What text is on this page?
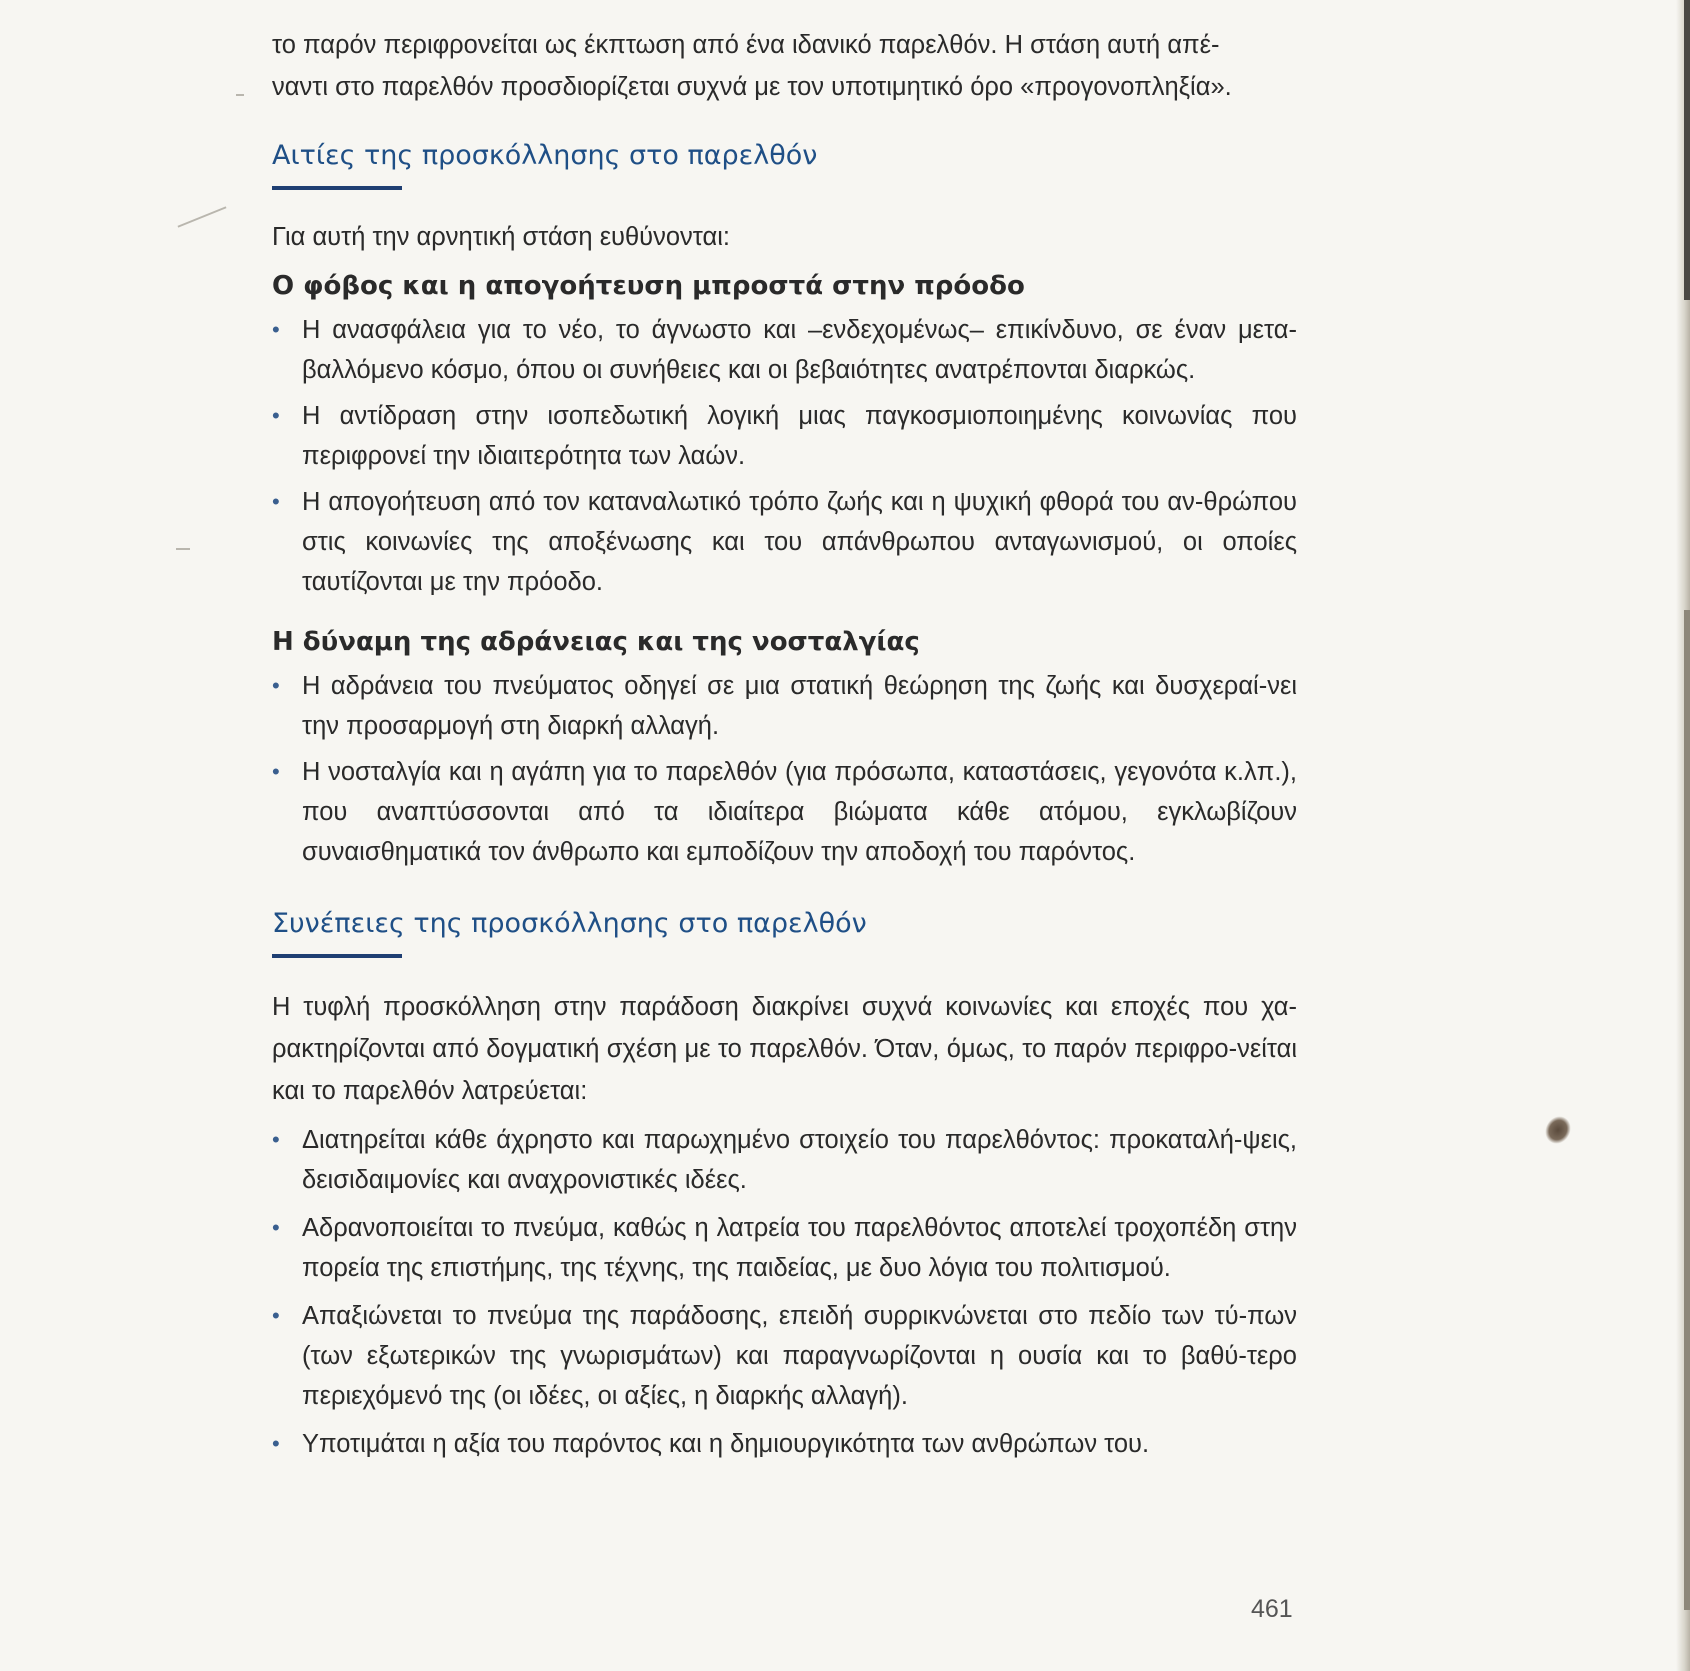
το παρόν περιφρονείται ως έκπτωση από ένα ιδανικό παρελθόν. Η στάση αυτή απέ-

ναντι στο παρελθόν προσδιορίζεται συχνά με τον υποτιμητικό όρο «προγονοπληξία».

Αιτίες της προσκόλλησης στο παρελθόν

Για αυτή την αρνητική στάση ευθύνονται:

Ο φόβος και η απογοήτευση μπροστά στην πρόοδο
• Η ανασφάλεια για το νέο, το άγνωστο και –ενδεχομένως– επικίνδυνο, σε έναν μετα-βαλλόμενο κόσμο, όπου οι συνήθειες και οι βεβαιότητες ανατρέπονται διαρκώς.
• Η αντίδραση στην ισοπεδωτική λογική μιας παγκοσμιοποιημένης κοινωνίας που περιφρονεί την ιδιαιτερότητα των λαών.
• Η απογοήτευση από τον καταναλωτικό τρόπο ζωής και η ψυχική φθορά του αν-θρώπου στις κοινωνίες της αποξένωσης και του απάνθρωπου ανταγωνισμού, οι οποίες ταυτίζονται με την πρόοδο.
Η δύναμη της αδράνειας και της νοσταλγίας
• Η αδράνεια του πνεύματος οδηγεί σε μια στατική θεώρηση της ζωής και δυσχεραί-νει την προσαρμογή στη διαρκή αλλαγή.
• Η νοσταλγία και η αγάπη για το παρελθόν (για πρόσωπα, καταστάσεις, γεγονότα κ.λπ.), που αναπτύσσονται από τα ιδιαίτερα βιώματα κάθε ατόμου, εγκλωβίζουν συναισθηματικά τον άνθρωπο και εμποδίζουν την αποδοχή του παρόντος.
Συνέπειες της προσκόλλησης στο παρελθόν

Η τυφλή προσκόλληση στην παράδοση διακρίνει συχνά κοινωνίες και εποχές που χα-ρακτηρίζονται από δογματική σχέση με το παρελθόν. Όταν, όμως, το παρόν περιφρο-νείται και το παρελθόν λατρεύεται:

• Διατηρείται κάθε άχρηστο και παρωχημένο στοιχείο του παρελθόντος: προκαταλή-ψεις, δεισιδαιμονίες και αναχρονιστικές ιδέες.
• Αδρανοποιείται το πνεύμα, καθώς η λατρεία του παρελθόντος αποτελεί τροχοπέδη στην πορεία της επιστήμης, της τέχνης, της παιδείας, με δυο λόγια του πολιτισμού.
• Απαξιώνεται το πνεύμα της παράδοσης, επειδή συρρικνώνεται στο πεδίο των τύ-πων (των εξωτερικών της γνωρισμάτων) και παραγνωρίζονται η ουσία και το βαθύ-τερο περιεχόμενό της (οι ιδέες, οι αξίες, η διαρκής αλλαγή).
• Υποτιμάται η αξία του παρόντος και η δημιουργικότητα των ανθρώπων του.
461
